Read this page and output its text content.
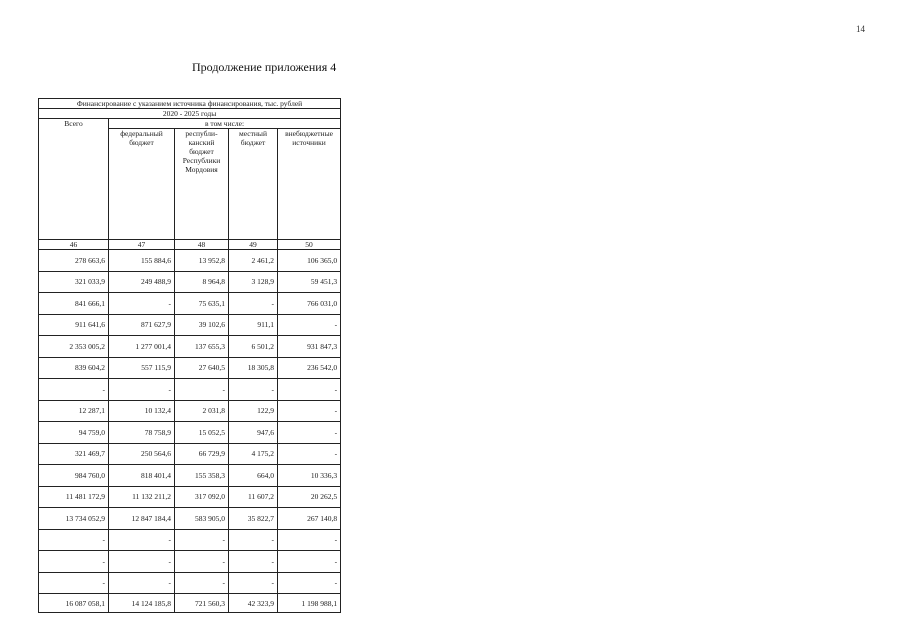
14
Продолжение приложения 4
Финансирование с указанием источника финансирования, тыс. рублей				
2020 - 2025 годы				
Всего	в том числе:			
	федеральный бюджет	республи-канский бюджет Республики Мордовия	местный бюджет	внебюджетные источники
46	47	48	49	50
278 663,6	155 884,6	13 952,8	2 461,2	106 365,0
321 033,9	249 488,9	8 964,8	3 128,9	59 451,3
841 666,1	-	75 635,1	-	766 031,0
911 641,6	871 627,9	39 102,6	911,1	-
2 353 005,2	1 277 001,4	137 655,3	6 501,2	931 847,3
839 604,2	557 115,9	27 640,5	18 305,8	236 542,0
-	-	-	-	-
12 287,1	10 132,4	2 031,8	122,9	-
94 759,0	78 758,9	15 052,5	947,6	-
321 469,7	250 564,6	66 729,9	4 175,2	-
984 760,0	818 401,4	155 358,3	664,0	10 336,3
11 481 172,9	11 132 211,2	317 092,0	11 607,2	20 262,5
13 734 052,9	12 847 184,4	583 905,0	35 822,7	267 140,8
-	-	-	-	-
-	-	-	-	-
-	-	-	-	-
16 087 058,1	14 124 185,8	721 560,3	42 323,9	1 198 988,1
